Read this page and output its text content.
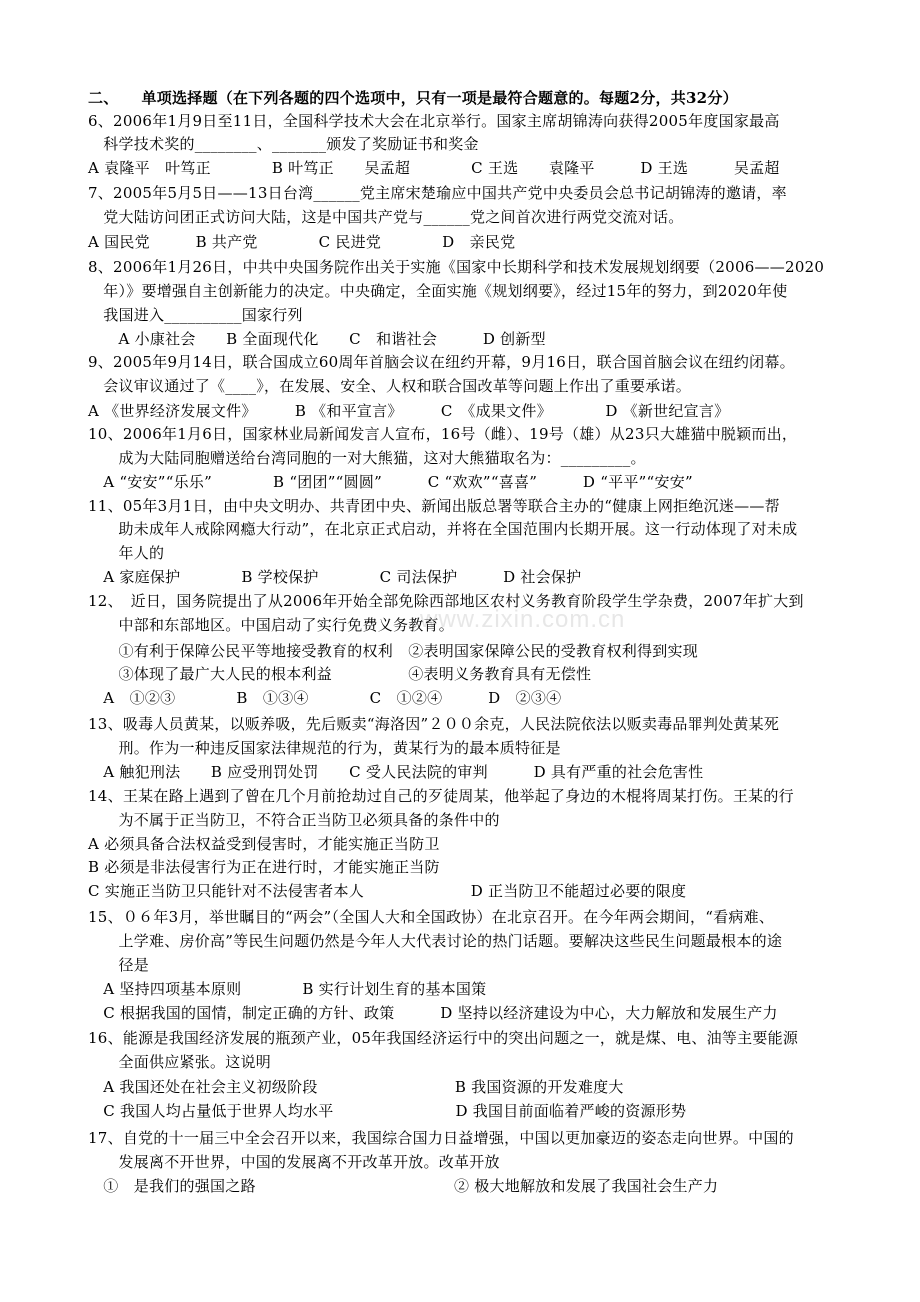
www.zixin.com.cn
二、　　单项选择题（在下列各题的四个选项中，只有一项是最符合题意的。每题2分，共32分）
6、2006年1月9日至11日，全国科学技术大会在北京举行。国家主席胡锦涛向获得2005年度国家最高
　科学技术奖的________、_______颁发了奖励证书和奖金
A 袁隆平　叶笃正　　　　B 叶笃正　　吴孟超　　　　C 王选　　袁隆平　　　D 王选　　　吴孟超
7、2005年5月5日——13日台湾______党主席宋楚瑜应中国共产党中央委员会总书记胡锦涛的邀请，率
　党大陆访问团正式访问大陆，这是中国共产党与______党之间首次进行两党交流对话。
A 国民党　　　B 共产党　　　　C 民进党　　　　D　亲民党
8、2006年1月26日，中共中央国务院作出关于实施《国家中长期科学和技术发展规划纲要（2006——2020
　年）》要增强自主创新能力的决定。中央确定，全面实施《规划纲要》，经过15年的努力，到2020年使
　我国进入__________国家行列
　　A 小康社会　　B 全面现代化　　C　和谐社会　　　D 创新型
9、2005年9月14日，联合国成立60周年首脑会议在纽约开幕，9月16日，联合国首脑会议在纽约闭幕。
　会议审议通过了《____》，在发展、安全、人权和联合国改革等问题上作出了重要承诺。
A 《世界经济发展文件》　　　B 《和平宣言》　　　C　《成果文件》　　　　D 《新世纪宣言》
10、2006年1月6日，国家林业局新闻发言人宣布，16号（雌）、19号（雄）从23只大雄猫中脱颖而出，
　　成为大陆同胞赠送给台湾同胞的一对大熊猫，这对大熊猫取名为：_________。
　A “安安”“乐乐”　　　　B “团团”“圆圆”　　　C “欢欢”“喜喜”　　　D “平平”“安安”
11、05年3月1日，由中央文明办、共青团中央、新闻出版总署等联合主办的“健康上网拒绝沉迷——帮
　　助未成年人戒除网瘾大行动”，在北京正式启动，并将在全国范围内长期开展。这一行动体现了对未成
　　年人的
　A 家庭保护　　　　B 学校保护　　　　C 司法保护　　　D 社会保护
12、　近日，国务院提出了从2006年开始全部免除西部地区农村义务教育阶段学生学杂费，2007年扩大到
　　中部和东部地区。中国启动了实行免费义务教育。
　　①有利于保障公民平等地接受教育的权利　②表明国家保障公民的受教育权利得到实现
　　③体现了最广大人民的根本利益　　　　　④表明义务教育具有无偿性
　A　①②③　　　　B　①③④　　　　C　①②④　　　D　②③④
13、吸毒人员黄某，以贩养吸，先后贩卖“海洛因”２００余克，人民法院依法以贩卖毒品罪判处黄某死
　　刑。作为一种违反国家法律规范的行为，黄某行为的最本质特征是
　A 触犯刑法　　B 应受刑罚处罚　　C 受人民法院的审判　　　D 具有严重的社会危害性
14、王某在路上遇到了曾在几个月前抢劫过自己的歹徒周某，他举起了身边的木棍将周某打伤。王某的行
　　为不属于正当防卫，不符合正当防卫必须具备的条件中的
A 必须具备合法权益受到侵害时，才能实施正当防卫
B 必须是非法侵害行为正在进行时，才能实施正当防
C 实施正当防卫只能针对不法侵害者本人　　　　　　　D 正当防卫不能超过必要的限度
15、０６年3月，举世瞩目的“两会”（全国人大和全国政协）在北京召开。在今年两会期间，“看病难、
　　上学难、房价高”等民生问题仍然是今年人大代表讨论的热门话题。要解决这些民生问题最根本的途
　　径是
　A 坚持四项基本原则　　　　B 实行计划生育的基本国策
　C 根据我国的国情，制定正确的方针、政策　　　D 坚持以经济建设为中心，大力解放和发展生产力
16、能源是我国经济发展的瓶颈产业，05年我国经济运行中的突出问题之一，就是煤、电、油等主要能源
　　全面供应紧张。这说明
　A 我国还处在社会主义初级阶段　　　　　　　　　B 我国资源的开发难度大
　C 我国人均占量低于世界人均水平　　　　　　　　D 我国目前面临着严峻的资源形势
17、自党的十一届三中全会召开以来，我国综合国力日益增强，中国以更加豪迈的姿态走向世界。中国的
　　发展离不开世界，中国的发展离不开改革开放。改革开放
　①　是我们的强国之路　　　　　　　　　　　　　② 极大地解放和发展了我国社会生产力
